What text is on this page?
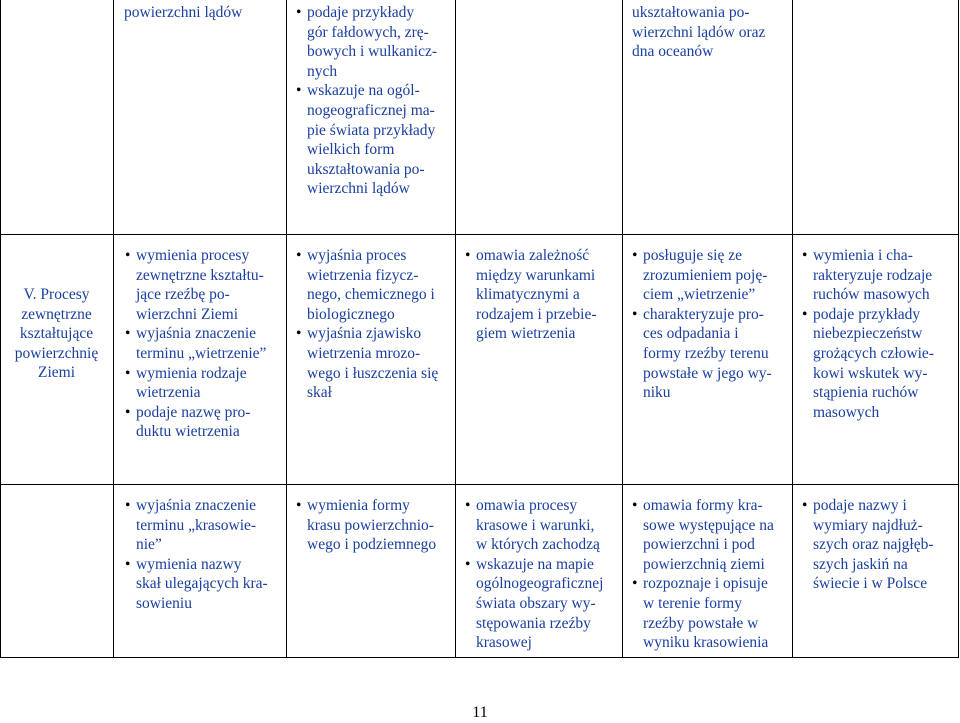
powierzchni lądów
•	podaje przykłady
gór fałdowych, zrę-
bowych i wulkanicz-
nych
• wskazuje na ogól-
nogeograficznej ma-
pie świata przykłady
wielkich form
ukształtowania po-
wierzchni lądów
ukształtowania po-
wierzchni lądów oraz
dna oceanów
V. Procesy
zewnętrzne
kształtujące
powierzchnię
Ziemi
• wymienia procesy
zewnętrzne kształtu-
jące rzeźbę po-
wierzchni Ziemi
• wyjaśnia znaczenie
terminu „wietrzenie”
• wymienia rodzaje
wietrzenia
• podaje nazwę pro-
duktu wietrzenia
• wyjaśnia proces
wietrzenia fizycz-
nego, chemicznego i
biologicznego
• wyjaśnia zjawisko
wietrzenia mrozo-
wego i łuszczenia się
skał
• omawia zależność
między warunkami
klimatycznymi a
rodzajem i przebie-
giem wietrzenia
• posługuje się ze
zrozumieniem poję-
ciem „wietrzenie”
• charakteryzuje pro-
ces odpadania i
formy rzeźby terenu
powstałe w jego wy-
niku
• wymienia i cha-
rakteryzuje rodzaje
ruchów masowych
• podaje przykłady
niebezpieczeństw
grożących człowie-
kowi wskutek wy-
stąpienia ruchów
masowych
• wyjaśnia znaczenie
terminu „krasowie-
nie”
• wymienia nazwy
skał ulegających kra-
sowieniu
• wymienia formy
krasu powierzchnio-
wego i podziemnego
• omawia procesy
krasowe i warunki,
w których zachodzą
• wskazuje na mapie
ogólnogeograficznej
świata obszary wy-
stępowania rzeźby
krasowej
• omawia formy kra-
sowe występujące na
powierzchni i pod
powierzchnią ziemi
• rozpoznaje i opisuje
w terenie formy
rzeźby powstałe w
wyniku krasowienia
• podaje nazwy i
wymiary najdłuż-
szych oraz najgłęb-
szych jaskiń na
świecie i w Polsce
11
